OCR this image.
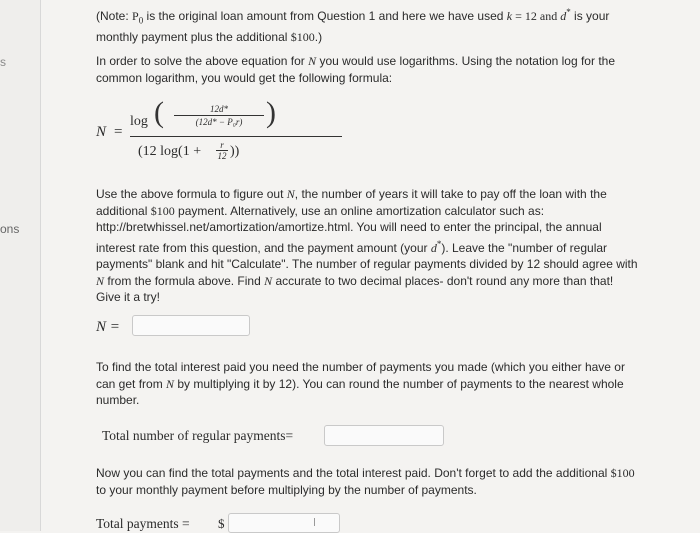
s
ons

(Note: $P_0$ is the original loan amount from Question 1 and here we have used k = 12 and d* is your monthly payment plus the additional $100.)

In order to solve the above equation for N you would use logarithms. Using the notation log for the common logarithm, you would get the following formula:

N =
log (	12d*
(12d* − P₀r) )
(12 $\log(1 + \frac{r}{12}$ ))

Use the above formula to figure out N, the number of years it will take to pay off the loan with the additional $100 payment. Alternatively, use an online amortization calculator such as: http://bretwhissel.net/amortization/amortize.html. You will need to enter the principal, the annual interest rate from this question, and the payment amount (your d*). Leave the "number of regular payments" blank and hit "Calculate". The number of regular payments divided by 12 should agree with N from the formula above. Find N accurate to two decimal places- don't round any more than that! Give it a try!

N =

To find the total interest paid you need the number of payments you made (which you either have or can get from N by multiplying it by 12). You can round the number of payments to the nearest whole number.

Total number of regular payments=

Now you can find the total payments and the total interest paid. Don't forget to add the additional $100 to your monthly payment before multiplying by the number of payments.

Total payments = $
